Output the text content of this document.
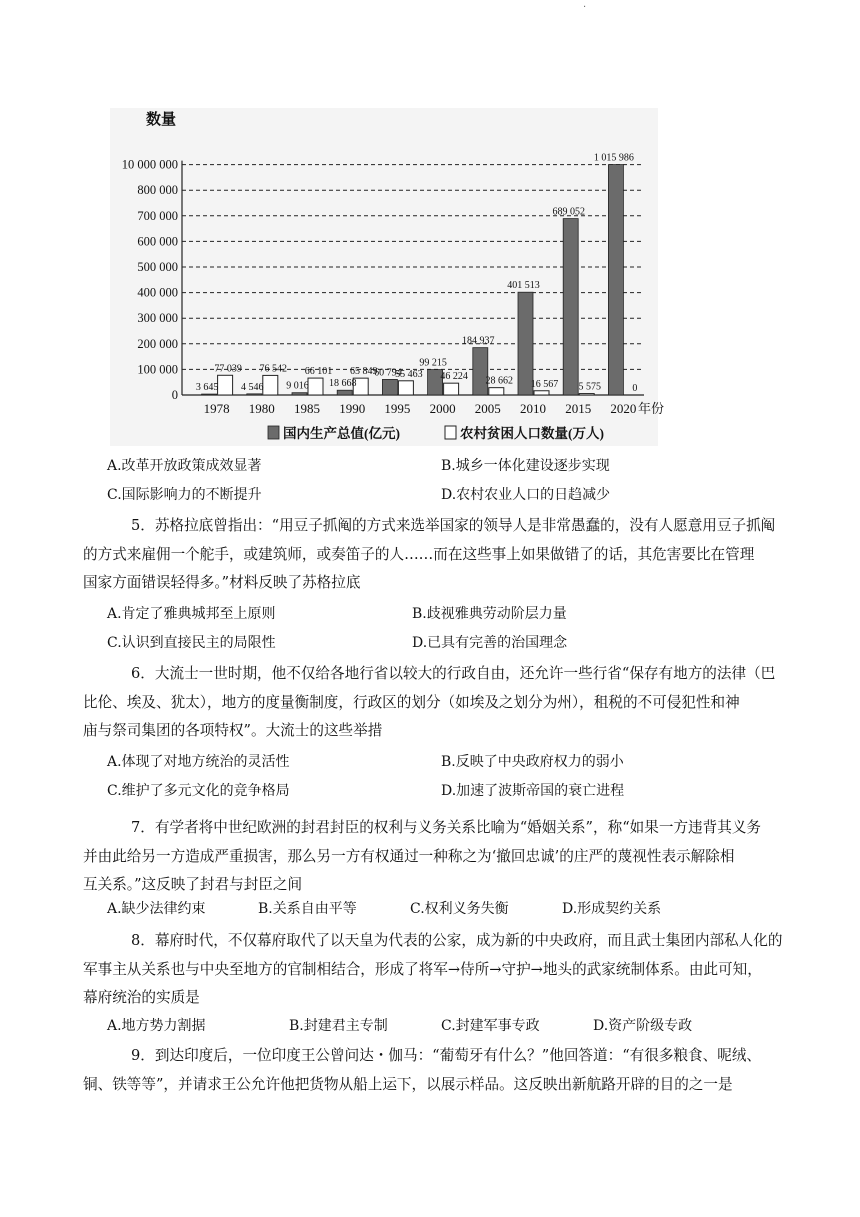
·
数量
0
100 000
200 000
300 000
400 000
500 000
600 000
700 000
800 000
10 000 000
3 645
77 039
1978
4 546
76 542
1980
9 016
66 101
1985
18 668
65 849
1990
60 794
55 463
1995
99 215
46 224
2000
184 937
28 662
2005
401 513
16 567
2010
689 052
5 575
2015
1 015 986
0
2020 年份
国内生产总值(亿元)	农村贫困人口数量(万人)
A.改革开放政策成效显著	B.城乡一体化建设逐步实现
C.国际影响力的不断提升	D.农村农业人口的日趋减少
5．苏格拉底曾指出：“用豆子抓阄的方式来选举国家的领导人是非常愚蠢的，没有人愿意用豆子抓阄
的方式来雇佣一个舵手，或建筑师，或奏笛子的人……而在这些事上如果做错了的话，其危害要比在管理
国家方面错误轻得多。”材料反映了苏格拉底
A.肯定了雅典城邦至上原则	B.歧视雅典劳动阶层力量
C.认识到直接民主的局限性	D.已具有完善的治国理念
6．大流士一世时期，他不仅给各地行省以较大的行政自由，还允许一些行省“保存有地方的法律（巴
比伦、埃及、犹太），地方的度量衡制度，行政区的划分（如埃及之划分为州），租税的不可侵犯性和神
庙与祭司集团的各项特权”。大流士的这些举措
A.体现了对地方统治的灵活性	B.反映了中央政府权力的弱小
C.维护了多元文化的竞争格局	D.加速了波斯帝国的衰亡进程
7．有学者将中世纪欧洲的封君封臣的权利与义务关系比喻为“婚姻关系”，称“如果一方违背其义务
并由此给另一方造成严重损害，那么另一方有权通过一种称之为‘撤回忠诚’的庄严的蔑视性表示解除相
互关系。”这反映了封君与封臣之间
A.缺少法律约束	B.关系自由平等	C.权利义务失衡	D.形成契约关系
8．幕府时代，不仅幕府取代了以天皇为代表的公家，成为新的中央政府，而且武士集团内部私人化的
军事主从关系也与中央至地方的官制相结合，形成了将军→侍所→守护→地头的武家统制体系。由此可知，
幕府统治的实质是
A.地方势力割据	B.封建君主专制	C.封建军事专政	D.资产阶级专政
9．到达印度后，一位印度王公曾问达・伽马：“葡萄牙有什么？”他回答道：“有很多粮食、呢绒、
铜、铁等等”，并请求王公允许他把货物从船上运下，以展示样品。这反映出新航路开辟的目的之一是
